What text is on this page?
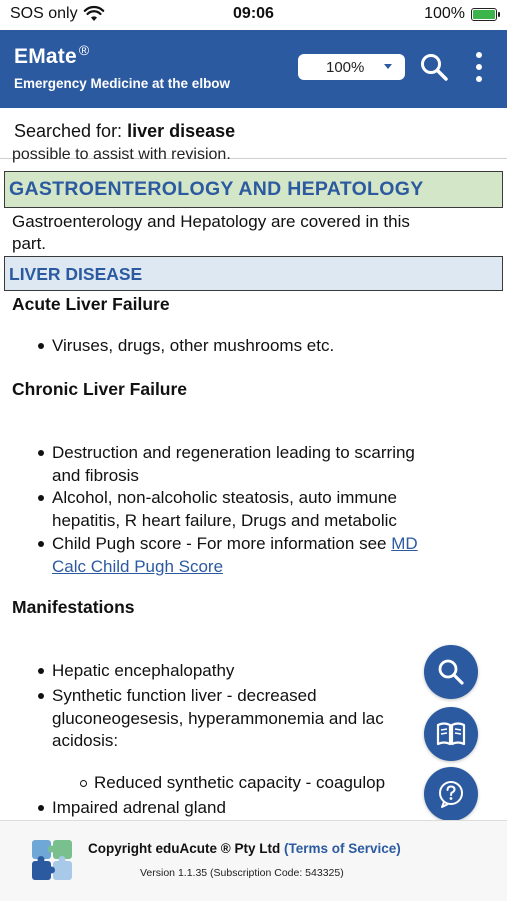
SOS only	09:06	100%
EMate ®
Emergency Medicine at the elbow
100%
Searched for: liver disease
possible to assist with revision.
GASTROENTEROLOGY AND HEPATOLOGY
Gastroenterology and Hepatology are covered in this
part.
LIVER DISEASE
Acute Liver Failure
Viruses, drugs, other mushrooms etc.
Chronic Liver Failure
Destruction and regeneration leading to scarring
and fibrosis
Alcohol, non-alcoholic steatosis, auto immune
hepatitis, R heart failure, Drugs and metabolic
Child Pugh score - For more information see MD
Calc Child Pugh Score
Manifestations
Hepatic encephalopathy
Synthetic function liver - decreased
gluconeogesesis, hyperammonemia and lac
acidosis:
Reduced synthetic capacity - coagulop
Impaired adrenal gland
Copyright eduAcute ® Pty Ltd (Terms of Service)
Version 1.1.35 (Subscription Code: 543325)
